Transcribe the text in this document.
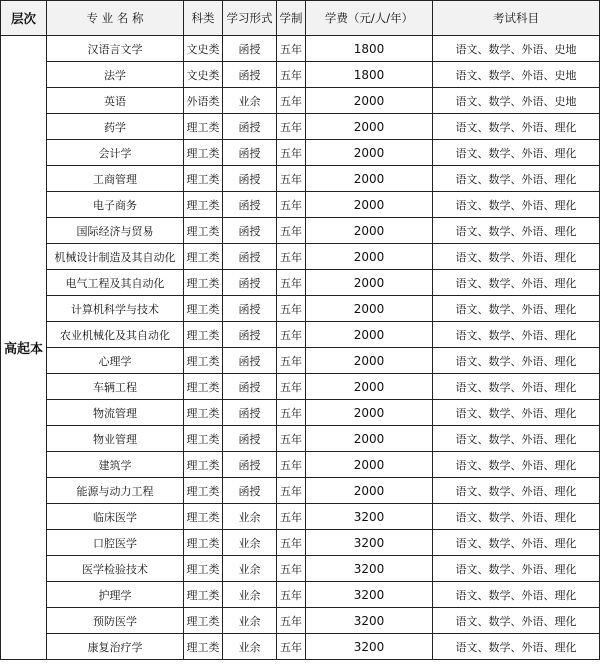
层次	专 业 名 称	科类	学习形式	学制	学费（元/人/年）	考试科目
高起本	汉语言文学	文史类	函授	五年	1800	语文、数学、外语、史地
	法学	文史类	函授	五年	1800	语文、数学、外语、史地
	英语	外语类	业余	五年	2000	语文、数学、外语、史地
	药学	理工类	函授	五年	2000	语文、数学、外语、理化
	会计学	理工类	函授	五年	2000	语文、数学、外语、理化
	工商管理	理工类	函授	五年	2000	语文、数学、外语、理化
	电子商务	理工类	函授	五年	2000	语文、数学、外语、理化
	国际经济与贸易	理工类	函授	五年	2000	语文、数学、外语、理化
	机械设计制造及其自动化	理工类	函授	五年	2000	语文、数学、外语、理化
	电气工程及其自动化	理工类	函授	五年	2000	语文、数学、外语、理化
	计算机科学与技术	理工类	函授	五年	2000	语文、数学、外语、理化
	农业机械化及其自动化	理工类	函授	五年	2000	语文、数学、外语、理化
	心理学	理工类	函授	五年	2000	语文、数学、外语、理化
	车辆工程	理工类	函授	五年	2000	语文、数学、外语、理化
	物流管理	理工类	函授	五年	2000	语文、数学、外语、理化
	物业管理	理工类	函授	五年	2000	语文、数学、外语、理化
	建筑学	理工类	函授	五年	2000	语文、数学、外语、理化
	能源与动力工程	理工类	函授	五年	2000	语文、数学、外语、理化
	临床医学	理工类	业余	五年	3200	语文、数学、外语、理化
	口腔医学	理工类	业余	五年	3200	语文、数学、外语、理化
	医学检验技术	理工类	业余	五年	3200	语文、数学、外语、理化
	护理学	理工类	业余	五年	3200	语文、数学、外语、理化
	预防医学	理工类	业余	五年	3200	语文、数学、外语、理化
	康复治疗学	理工类	业余	五年	3200	语文、数学、外语、理化
